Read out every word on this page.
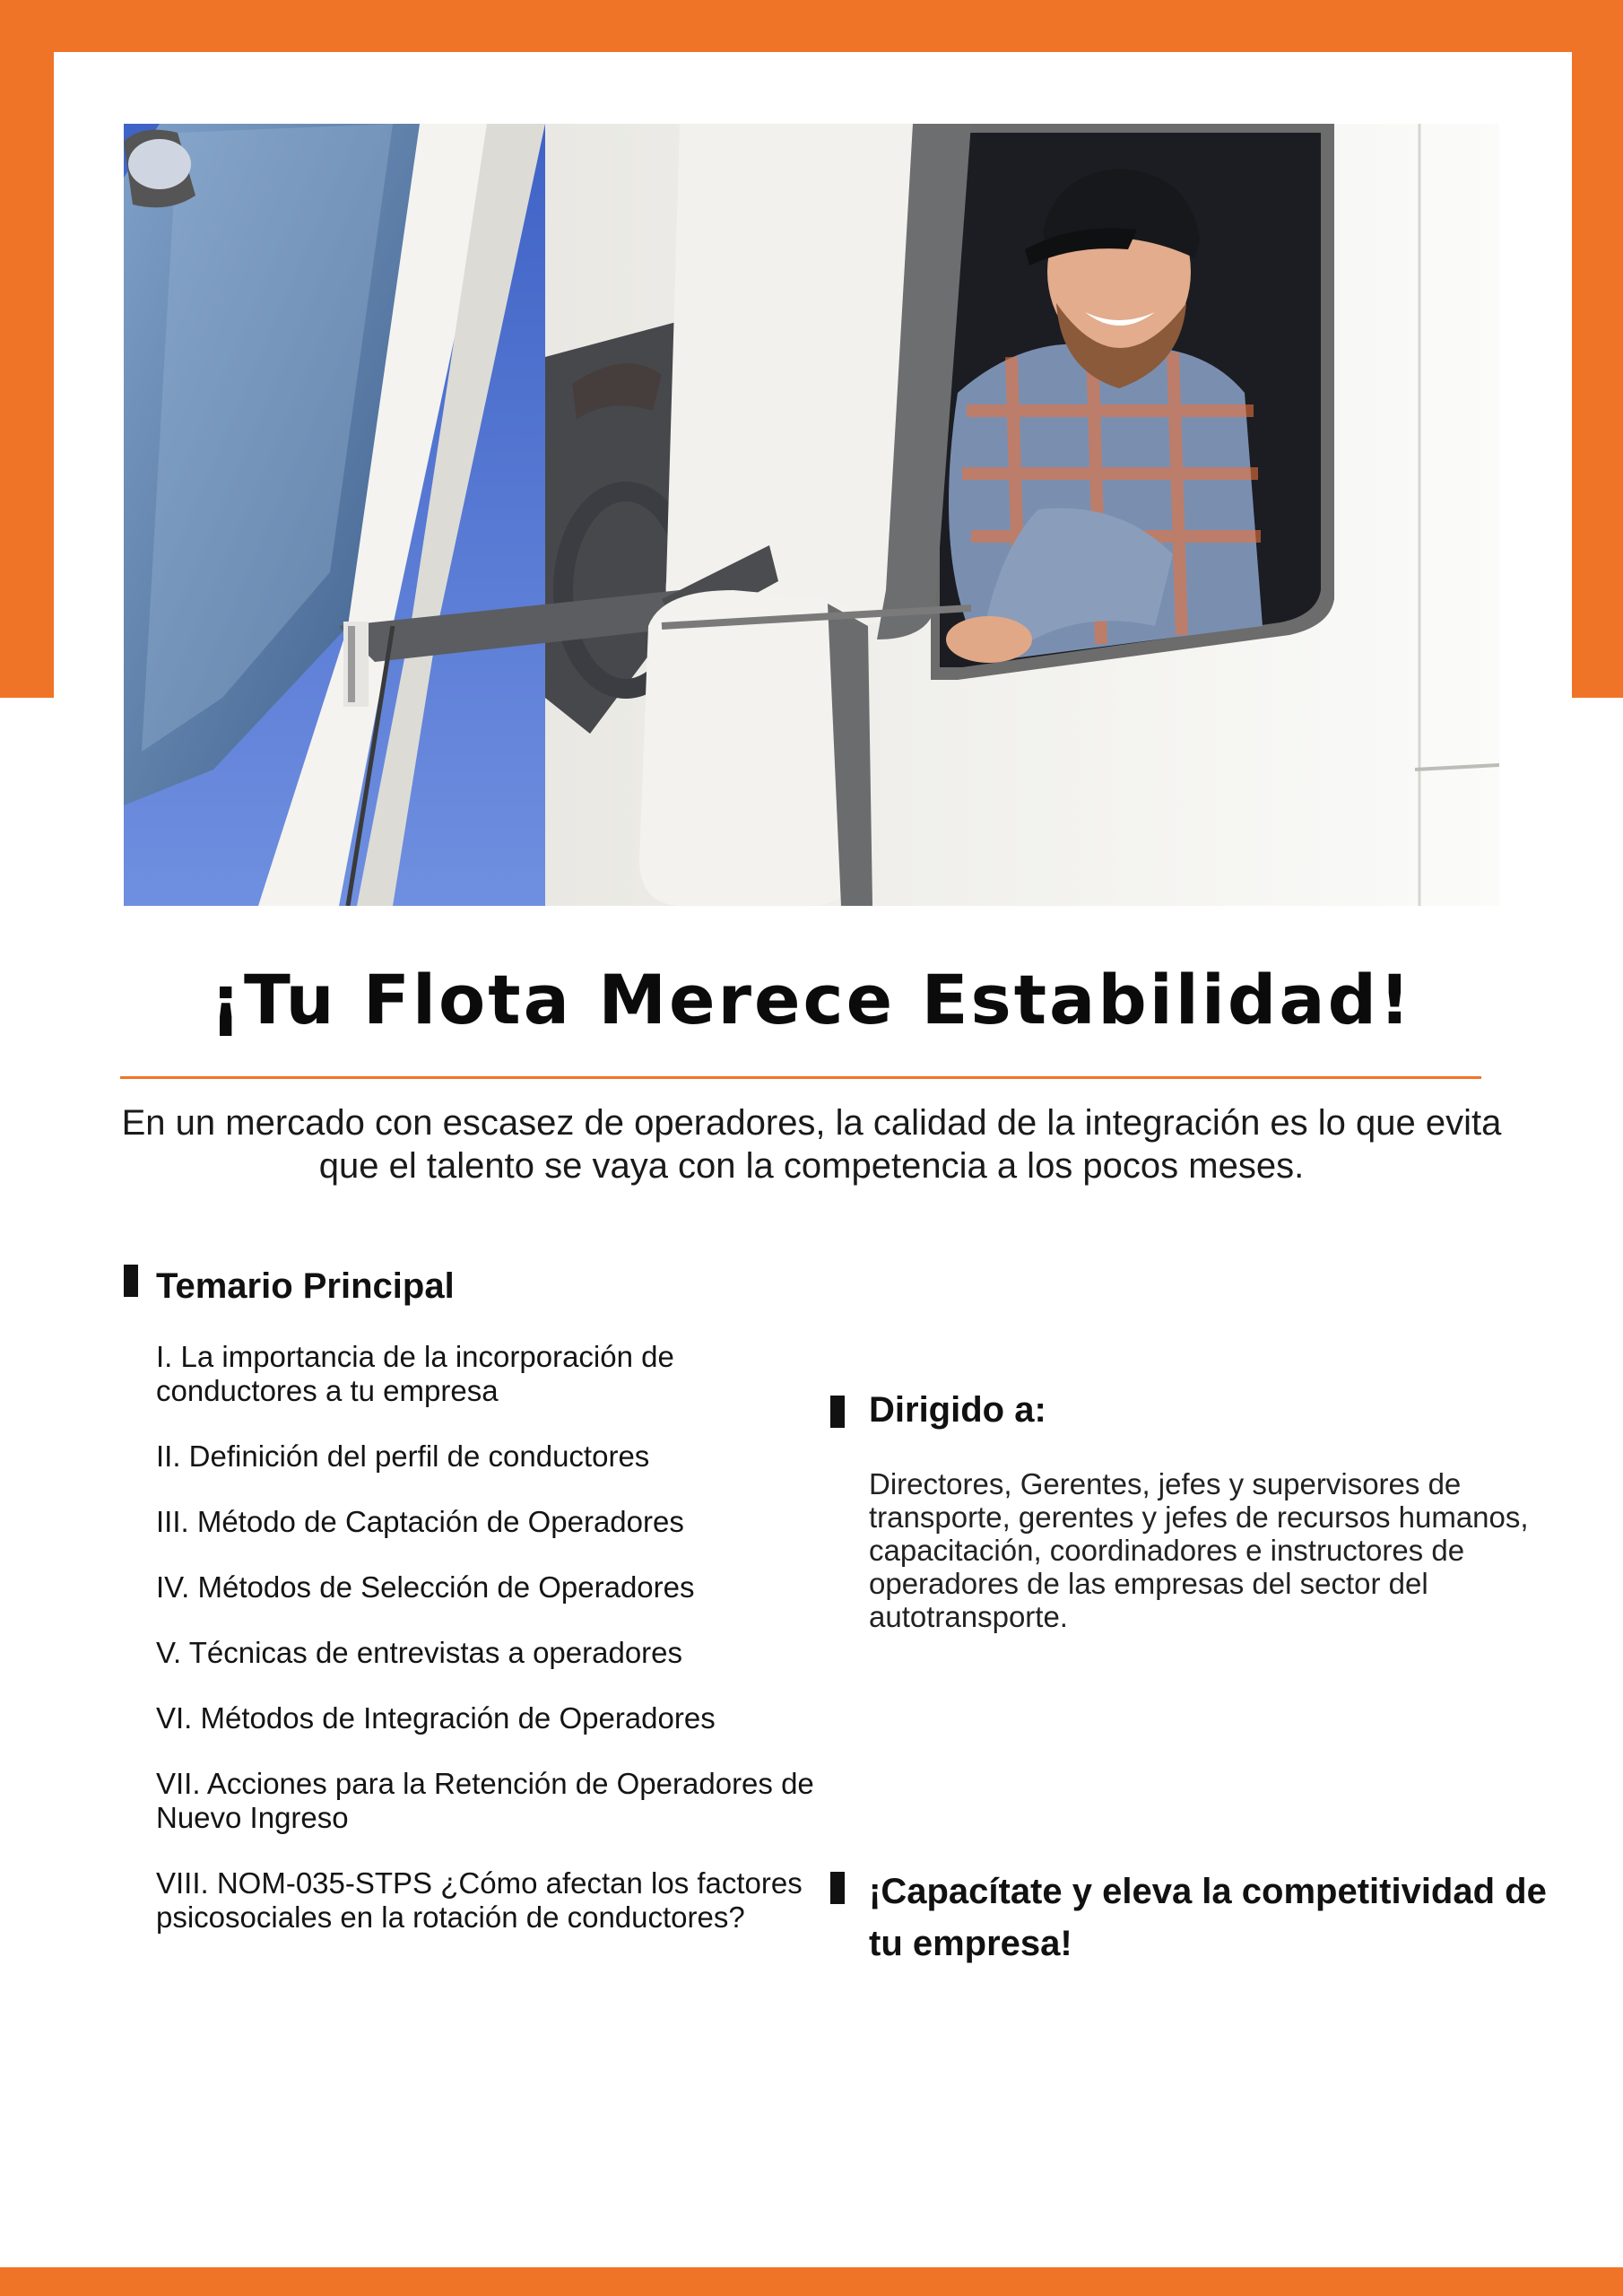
¡Tu Flota Merece Estabilidad!
En un mercado con escasez de operadores, la calidad de la integración es lo que evita que el talento se vaya con la competencia a los pocos meses.
Temario Principal
I. La importancia de la incorporación de conductores a tu empresa
II. Definición del perfil de conductores
III. Método de Captación de Operadores
IV. Métodos de Selección de Operadores
V. Técnicas de entrevistas a operadores
VI. Métodos de Integración de Operadores
VII. Acciones para la Retención de Operadores de Nuevo Ingreso
VIII. NOM-035-STPS ¿Cómo afectan los factores psicosociales en la rotación de conductores?
Dirigido a:

Directores, Gerentes, jefes y supervisores de transporte, gerentes y jefes de recursos humanos, capacitación, coordinadores e instructores de operadores de las empresas del sector del autotransporte.

¡Capacítate y eleva la competitividad de tu empresa!
